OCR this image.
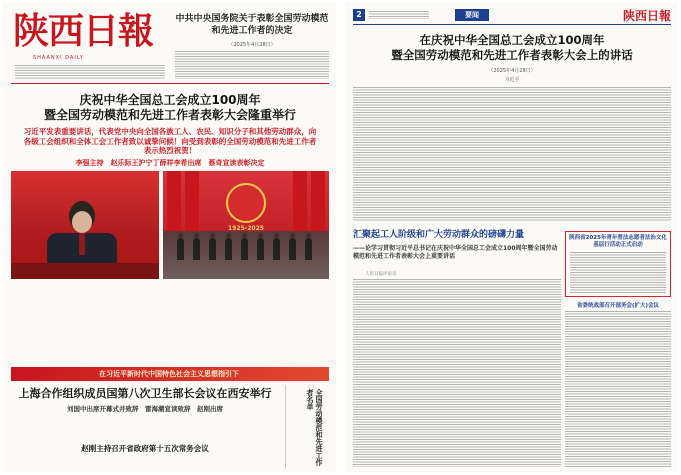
陕西日報
SHAANXI DAILY
中共中央国务院关于表彰全国劳动模范和先进工作者的决定
（2025年4月28日）
庆祝中华全国总工会成立100周年
暨全国劳动模范和先进工作者表彰大会隆重举行
习近平发表重要讲话，代表党中央向全国各族工人、农民、知识分子和其他劳动群众，向各级工会组织和全体工会工作者致以诚挚问候！向受到表彰的全国劳动模范和先进工作者表示热烈祝贺！
李强主持　赵乐际王沪宁丁薛祥李希出席　蔡奇宣读表彰决定
1925-2025
在习近平新时代中国特色社会主义思想指引下
上海合作组织成员国第八次卫生部长会议在西安举行
刘国中出席开幕式并致辞　雷海潮宣读致辞　赵刚出席
赵刚主持召开省政府第十五次常务会议	全国劳动模范和先进工作者名单
2	要闻	陕西日報
在庆祝中华全国总工会成立100周年
暨全国劳动模范和先进工作者表彰大会上的讲话
（2025年4月28日）
习近平
汇聚起工人阶级和广大劳动群众的磅礴力量
——论学习贯彻习近平总书记在庆祝中华全国总工会成立100周年暨全国劳动模范和先进工作者表彰大会上重要讲话
人民日报评论员
陕西省2025年青年普法志愿者法治文化基层行活动正式启动
省委统战部召开部务会(扩大)会议
